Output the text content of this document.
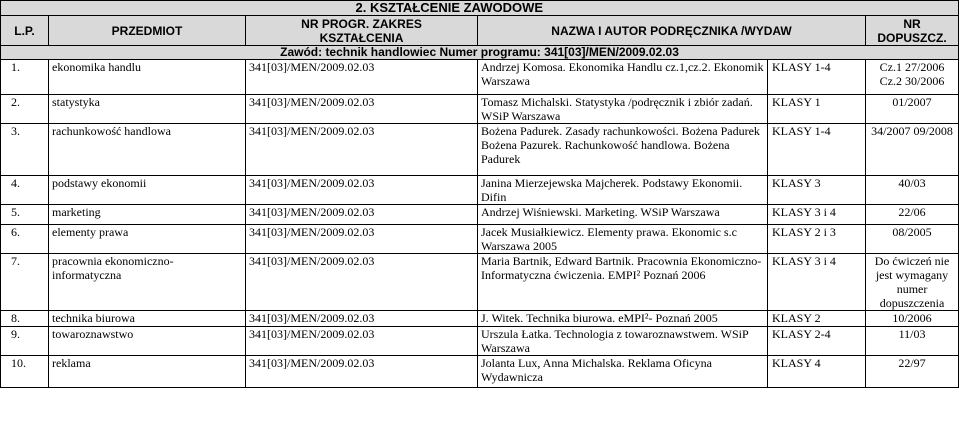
		2. KSZTAŁCENIE ZAWODOWE			
L.P.	PRZEDMIOT	NR PROGR. ZAKRES KSZTAŁCENIA	NAZWA I AUTOR PODRĘCZNIKA /WYDAW		NR DOPUSZCZ.
Zawód: technik handlowiec Numer programu: 341[03]/MEN/2009.02.03					
1.	ekonomika handlu	341[03]/MEN/2009.02.03	Andrzej Komosa. Ekonomika Handlu cz.1,cz.2. Ekonomik Warszawa	KLASY 1-4	Cz.1 27/2006 Cz.2 30/2006
2.	statystyka	341[03]/MEN/2009.02.03	Tomasz Michalski. Statystyka /podręcznik i zbiór zadań. WSiP Warszawa	KLASY 1	01/2007
3.	rachunkowość handlowa	341[03]/MEN/2009.02.03	Bożena Padurek. Zasady rachunkowości. Bożena Padurek Bożena Pazurek. Rachunkowość handlowa. Bożena Padurek	KLASY 1-4	34/2007 09/2008
4.	podstawy ekonomii	341[03]/MEN/2009.02.03	Janina Mierzejewska Majcherek. Podstawy Ekonomii. Difin	KLASY 3	40/03
5.	marketing	341[03]/MEN/2009.02.03	Andrzej Wiśniewski. Marketing. WSiP Warszawa	KLASY 3 i 4	22/06
6.	elementy prawa	341[03]/MEN/2009.02.03	Jacek Musiałkiewicz. Elementy prawa. Ekonomic s.c Warszawa 2005	KLASY 2 i 3	08/2005
7.	pracownia ekonomiczno-informatyczna	341[03]/MEN/2009.02.03	Maria Bartnik, Edward Bartnik. Pracownia Ekonomiczno-Informatyczna ćwiczenia. EMPI² Poznań 2006	KLASY 3 i 4	Do ćwiczeń nie jest wymagany numer dopuszczenia
8.	technika biurowa	341[03]/MEN/2009.02.03	J. Witek. Technika biurowa. eMPI²- Poznań 2005	KLASY 2	10/2006
9.	towaroznawstwo	341[03]/MEN/2009.02.03	Urszula Łatka. Technologia z towaroznawstwem. WSiP Warszawa	KLASY 2-4	11/03
10.	reklama	341[03]/MEN/2009.02.03	Jolanta Lux, Anna Michalska. Reklama Oficyna Wydawnicza	KLASY 4	22/97
